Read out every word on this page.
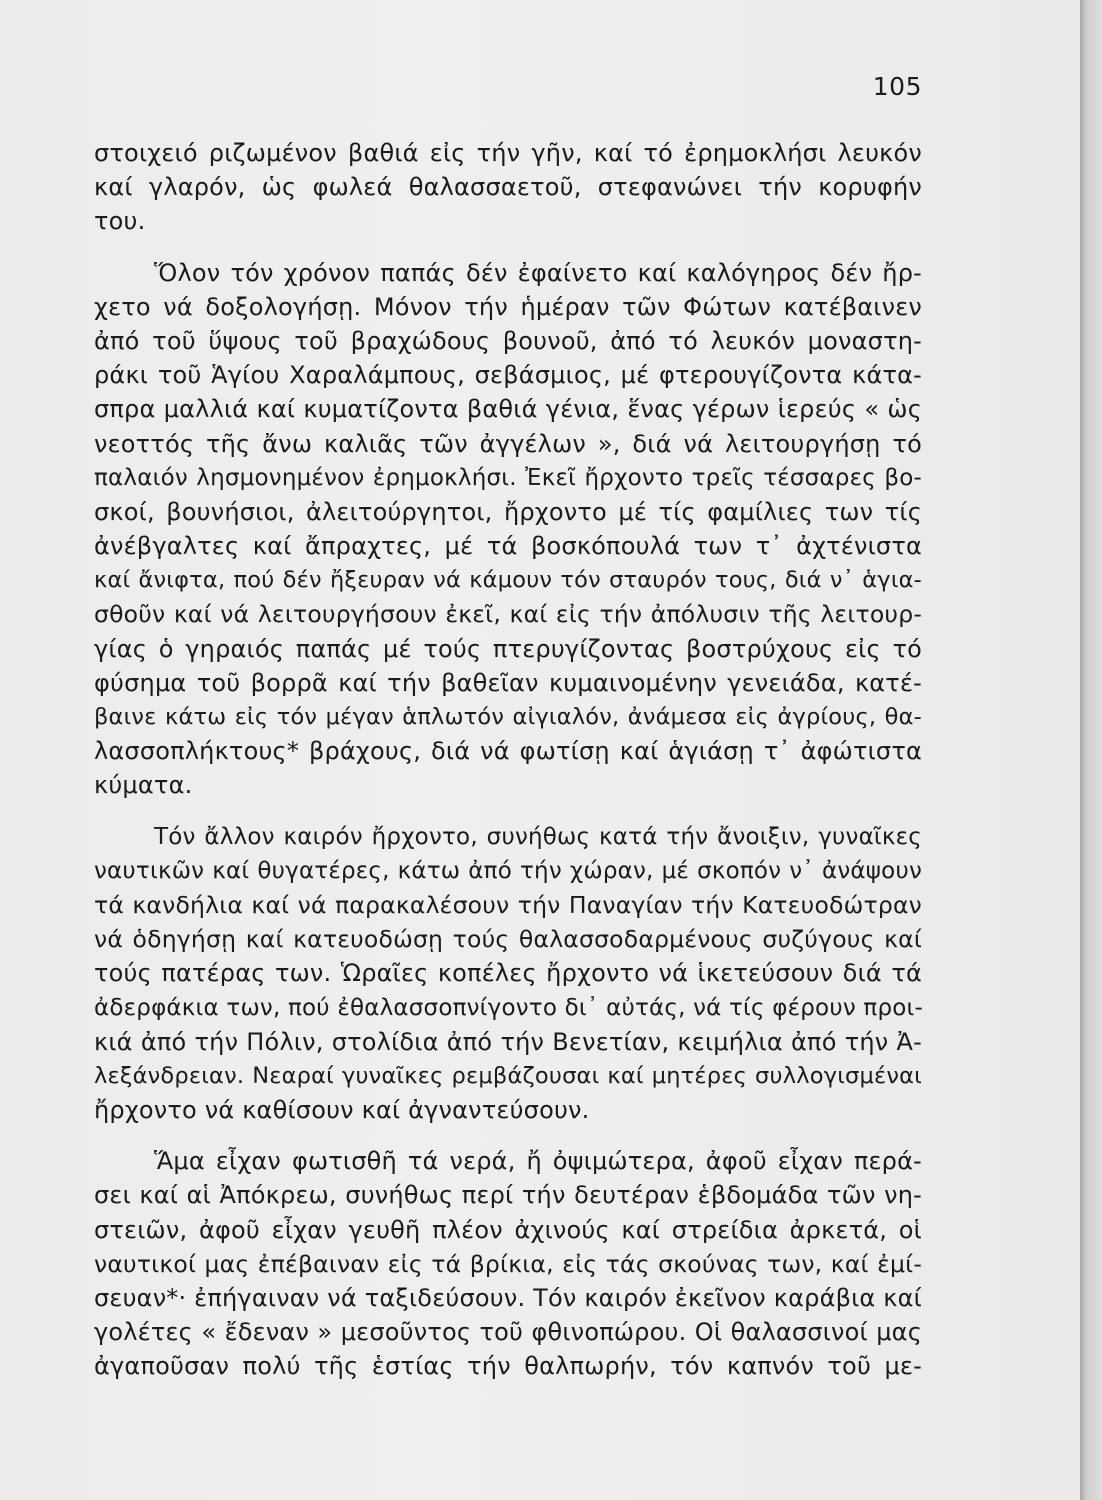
105
στοιχειό ριζωμένον βαθιά εἰς τήν γῆν, καί τό ἐρημοκλήσι λευκόν
καί γλαρόν, ὡς φωλεά θαλασσαετοῦ, στεφανώνει τήν κορυφήν
του.
Ὅλον τόν χρόνον παπάς δέν ἐφαίνετο καί καλόγηρος δέν ἤρ-
χετο νά δοξολογήσῃ. Μόνον τήν ἡμέραν τῶν Φώτων κατέβαινεν
ἀπό τοῦ ὕψους τοῦ βραχώδους βουνοῦ, ἀπό τό λευκόν μοναστη-
ράκι τοῦ Ἁγίου Χαραλάμπους, σεβάσμιος, μέ φτερουγίζοντα κάτα-
σπρα μαλλιά καί κυματίζοντα βαθιά γένια, ἕνας γέρων ἱερεύς « ὡς
νεοττός τῆς ἄνω καλιᾶς τῶν ἀγγέλων », διά νά λειτουργήσῃ τό
παλαιόν λησμονημένον ἐρημοκλήσι. Ἐκεῖ ἤρχοντο τρεῖς τέσσαρες βο-
σκοί, βουνήσιοι, ἀλειτούργητοι, ἤρχοντο μέ τίς φαμίλιες των τίς
ἀνέβγαλτες καί ἄπραχτες, μέ τά βοσκόπουλά των τ᾽ ἀχτένιστα
καί ἄνιφτα, πού δέν ἤξευραν νά κάμουν τόν σταυρόν τους, διά ν᾽ ἁγια-
σθοῦν καί νά λειτουργήσουν ἐκεῖ, καί εἰς τήν ἀπόλυσιν τῆς λειτουρ-
γίας ὁ γηραιός παπάς μέ τούς πτερυγίζοντας βοστρύχους εἰς τό
φύσημα τοῦ βορρᾶ καί τήν βαθεῖαν κυμαινομένην γενειάδα, κατέ-
βαινε κάτω εἰς τόν μέγαν ἁπλωτόν αἰγιαλόν, ἀνάμεσα εἰς ἀγρίους, θα-
λασσοπλήκτους* βράχους, διά νά φωτίσῃ καί ἁγιάσῃ τ᾽ ἀφώτιστα
κύματα.
Τόν ἄλλον καιρόν ἤρχοντο, συνήθως κατά τήν ἄνοιξιν, γυναῖκες
ναυτικῶν καί θυγατέρες, κάτω ἀπό τήν χώραν, μέ σκοπόν ν᾽ ἀνάψουν
τά κανδήλια καί νά παρακαλέσουν τήν Παναγίαν τήν Κατευοδώτραν
νά ὁδηγήσῃ καί κατευοδώσῃ τούς θαλασσοδαρμένους συζύγους καί
τούς πατέρας των. Ὡραῖες κοπέλες ἤρχοντο νά ἱκετεύσουν διά τά
ἀδερφάκια των, πού ἐθαλασσοπνίγοντο δι᾽ αὐτάς, νά τίς φέρουν προι-
κιά ἀπό τήν Πόλιν, στολίδια ἀπό τήν Βενετίαν, κειμήλια ἀπό τήν Ἀ-
λεξάνδρειαν. Νεαραί γυναῖκες ρεμβάζουσαι καί μητέρες συλλογισμέναι
ἤρχοντο νά καθίσουν καί ἀγναντεύσουν.
Ἅμα εἶχαν φωτισθῆ τά νερά, ἤ ὀψιμώτερα, ἀφοῦ εἶχαν περά-
σει καί αἱ Ἀπόκρεω, συνήθως περί τήν δευτέραν ἑβδομάδα τῶν νη-
στειῶν, ἀφοῦ εἶχαν γευθῆ πλέον ἀχινούς καί στρείδια ἀρκετά, οἱ
ναυτικοί μας ἐπέβαιναν εἰς τά βρίκια, εἰς τάς σκούνας των, καί ἐμί-
σευαν*· ἐπήγαιναν νά ταξιδεύσουν. Τόν καιρόν ἐκεῖνον καράβια καί
γολέτες « ἔδεναν » μεσοῦντος τοῦ φθινοπώρου. Οἱ θαλασσινοί μας
ἀγαποῦσαν πολύ τῆς ἑστίας τήν θαλπωρήν, τόν καπνόν τοῦ με-
